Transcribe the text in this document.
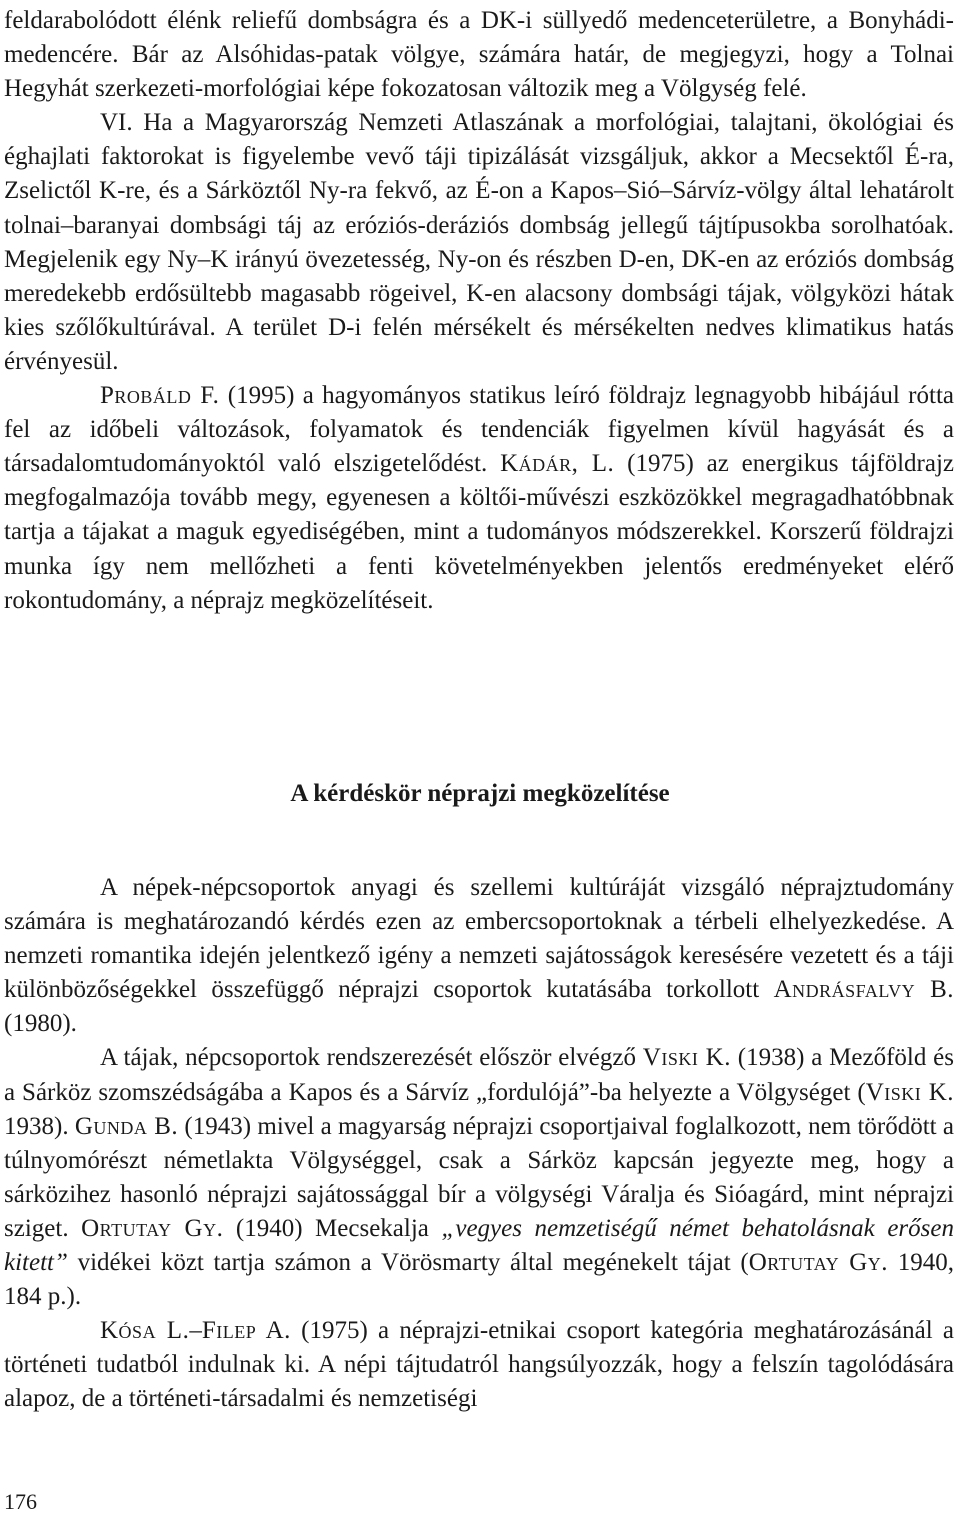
feldarabolódott élénk reliefű dombságra és a DK-i süllyedő medenceterületre, a Bonyhádi-medencére. Bár az Alsóhidas-patak völgye, számára határ, de megjegyzi, hogy a Tolnai Hegyhát szerkezeti-morfológiai képe fokozatosan változik meg a Völgység felé.

VI. Ha a Magyarország Nemzeti Atlaszának a morfológiai, talajtani, ökológiai és éghajlati faktorokat is figyelembe vevő táji tipizálását vizsgáljuk, akkor a Mecsektől É-ra, Zselictől K-re, és a Sárköztől Ny-ra fekvő, az É-on a Kapos–Sió–Sárvíz-völgy által lehatárolt tolnai–baranyai dombsági táj az eróziós-deráziós dombság jellegű tájtípusokba sorolhatóak. Megjelenik egy Ny–K irányú övezetesség, Ny-on és részben D-en, DK-en az eróziós dombság meredekebb erdősültebb magasabb rögeivel, K-en alacsony dombsági tájak, völgyközi hátak kies szőlőkultúrával. A terület D-i felén mérsékelt és mérsékelten nedves klimatikus hatás érvényesül.

Probáld F. (1995) a hagyományos statikus leíró földrajz legnagyobb hibájául rótta fel az időbeli változások, folyamatok és tendenciák figyelmen kívül hagyását és a társadalomtudományoktól való elszigetelődést. Kádár, L. (1975) az energikus tájföldrajz megfogalmazója tovább megy, egyenesen a költői-művészi eszközökkel megragadhatóbbnak tartja a tájakat a maguk egyediségében, mint a tudományos módszerekkel. Korszerű földrajzi munka így nem mellőzheti a fenti követelményekben jelentős eredményeket elérő rokontudomány, a néprajz megközelítéseit.

A kérdéskör néprajzi megközelítése

A népek-népcsoportok anyagi és szellemi kultúráját vizsgáló néprajztudomány számára is meghatározandó kérdés ezen az embercsoportoknak a térbeli elhelyezkedése. A nemzeti romantika idején jelentkező igény a nemzeti sajátosságok keresésére vezetett és a táji különbözőségekkel összefüggő néprajzi csoportok kutatásába torkollott Andrásfalvy B. (1980).

A tájak, népcsoportok rendszerezését először elvégző Viski K. (1938) a Mezőföld és a Sárköz szomszédságába a Kapos és a Sárvíz „fordulójá”-ba helyezte a Völgységet (Viski K. 1938). Gunda B. (1943) mivel a magyarság néprajzi csoportjaival foglalkozott, nem törődött a túlnyomórészt németlakta Völgységgel, csak a Sárköz kapcsán jegyezte meg, hogy a sárközihez hasonló néprajzi sajátossággal bír a völgységi Váralja és Sióagárd, mint néprajzi sziget. Ortutay Gy. (1940) Mecsekalja „vegyes nemzetiségű német behatolásnak erősen kitett” vidékei közt tartja számon a Vörösmarty által megénekelt tájat (Ortutay Gy. 1940, 184 p.).

Kósa L.–Filep A. (1975) a néprajzi-etnikai csoport kategória meghatározásánál a történeti tudatból indulnak ki. A népi tájtudatról hangsúlyozzák, hogy a felszín tagolódására alapoz, de a történeti-társadalmi és nemzetiségi

176
